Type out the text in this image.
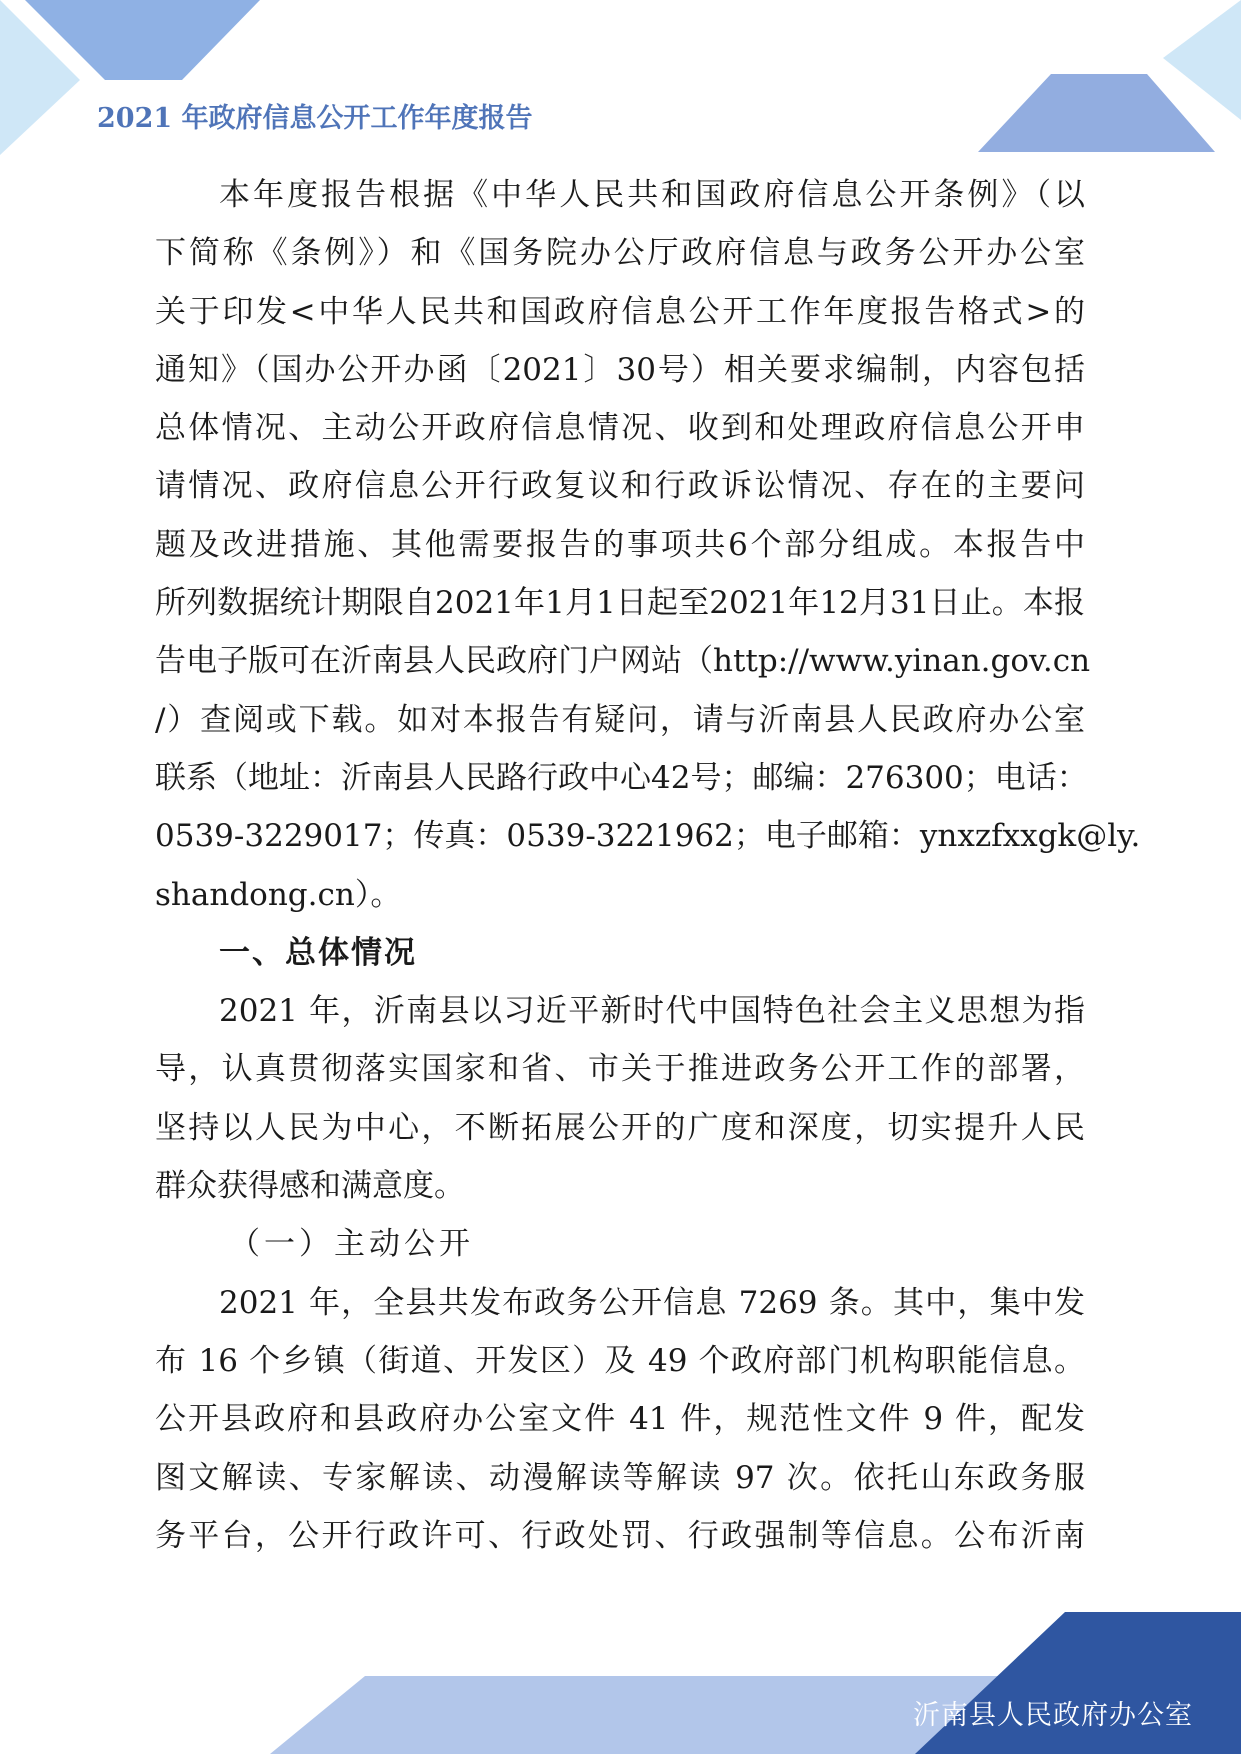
2021 年政府信息公开工作年度报告
本年度报告根据《中华人民共和国政府信息公开条例》（以
下简称《条例》）和《国务院办公厅政府信息与政务公开办公室
关于印发<中华人民共和国政府信息公开工作年度报告格式>的
通知》（国办公开办函〔2021〕30号）相关要求编制，内容包括
总体情况、主动公开政府信息情况、收到和处理政府信息公开申
请情况、政府信息公开行政复议和行政诉讼情况、存在的主要问
题及改进措施、其他需要报告的事项共6个部分组成。本报告中
所列数据统计期限自2021年1月1日起至2021年12月31日止。本报
告电子版可在沂南县人民政府门户网站（http://www.yinan.gov.cn
/）查阅或下载。如对本报告有疑问，请与沂南县人民政府办公室
联系（地址：沂南县人民路行政中心42号；邮编：276300；电话：
0539-3229017；传真：0539-3221962；电子邮箱：ynxzfxxgk@ly.
shandong.cn）。
一、总体情况
2021 年，沂南县以习近平新时代中国特色社会主义思想为指
导，认真贯彻落实国家和省、市关于推进政务公开工作的部署，
坚持以人民为中心，不断拓展公开的广度和深度，切实提升人民
群众获得感和满意度。
（一）主动公开
2021 年，全县共发布政务公开信息 7269 条。其中，集中发
布 16 个乡镇（街道、开发区）及 49 个政府部门机构职能信息。
公开县政府和县政府办公室文件 41 件，规范性文件 9 件，配发
图文解读、专家解读、动漫解读等解读 97 次。依托山东政务服
务平台，公开行政许可、行政处罚、行政强制等信息。公布沂南
沂南县人民政府办公室
